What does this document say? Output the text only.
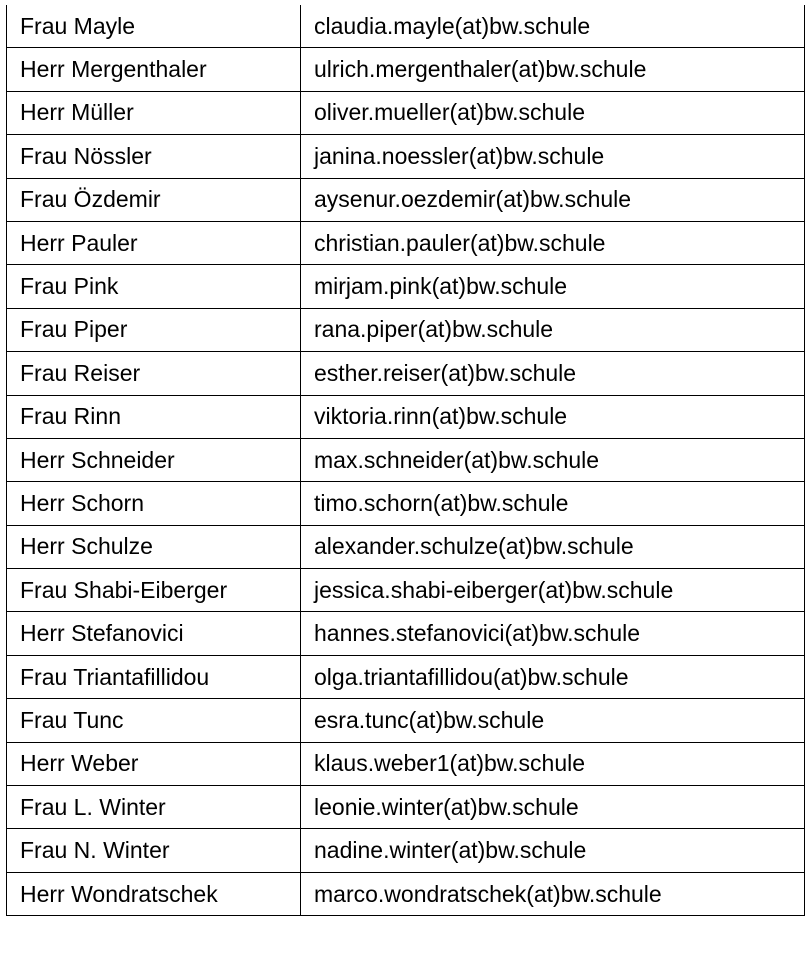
Frau Mayle	claudia.mayle(at)bw.schule
Herr Mergenthaler	ulrich.mergenthaler(at)bw.schule
Herr Müller	oliver.mueller(at)bw.schule
Frau Nössler	janina.noessler(at)bw.schule
Frau Özdemir	aysenur.oezdemir(at)bw.schule
Herr Pauler	christian.pauler(at)bw.schule
Frau Pink	mirjam.pink(at)bw.schule
Frau Piper	rana.piper(at)bw.schule
Frau Reiser	esther.reiser(at)bw.schule
Frau Rinn	viktoria.rinn(at)bw.schule
Herr Schneider	max.schneider(at)bw.schule
Herr Schorn	timo.schorn(at)bw.schule
Herr Schulze	alexander.schulze(at)bw.schule
Frau Shabi-Eiberger	jessica.shabi-eiberger(at)bw.schule
Herr Stefanovici	hannes.stefanovici(at)bw.schule
Frau Triantafillidou	olga.triantafillidou(at)bw.schule
Frau Tunc	esra.tunc(at)bw.schule
Herr Weber	klaus.weber1(at)bw.schule
Frau L. Winter	leonie.winter(at)bw.schule
Frau N. Winter	nadine.winter(at)bw.schule
Herr Wondratschek	marco.wondratschek(at)bw.schule
